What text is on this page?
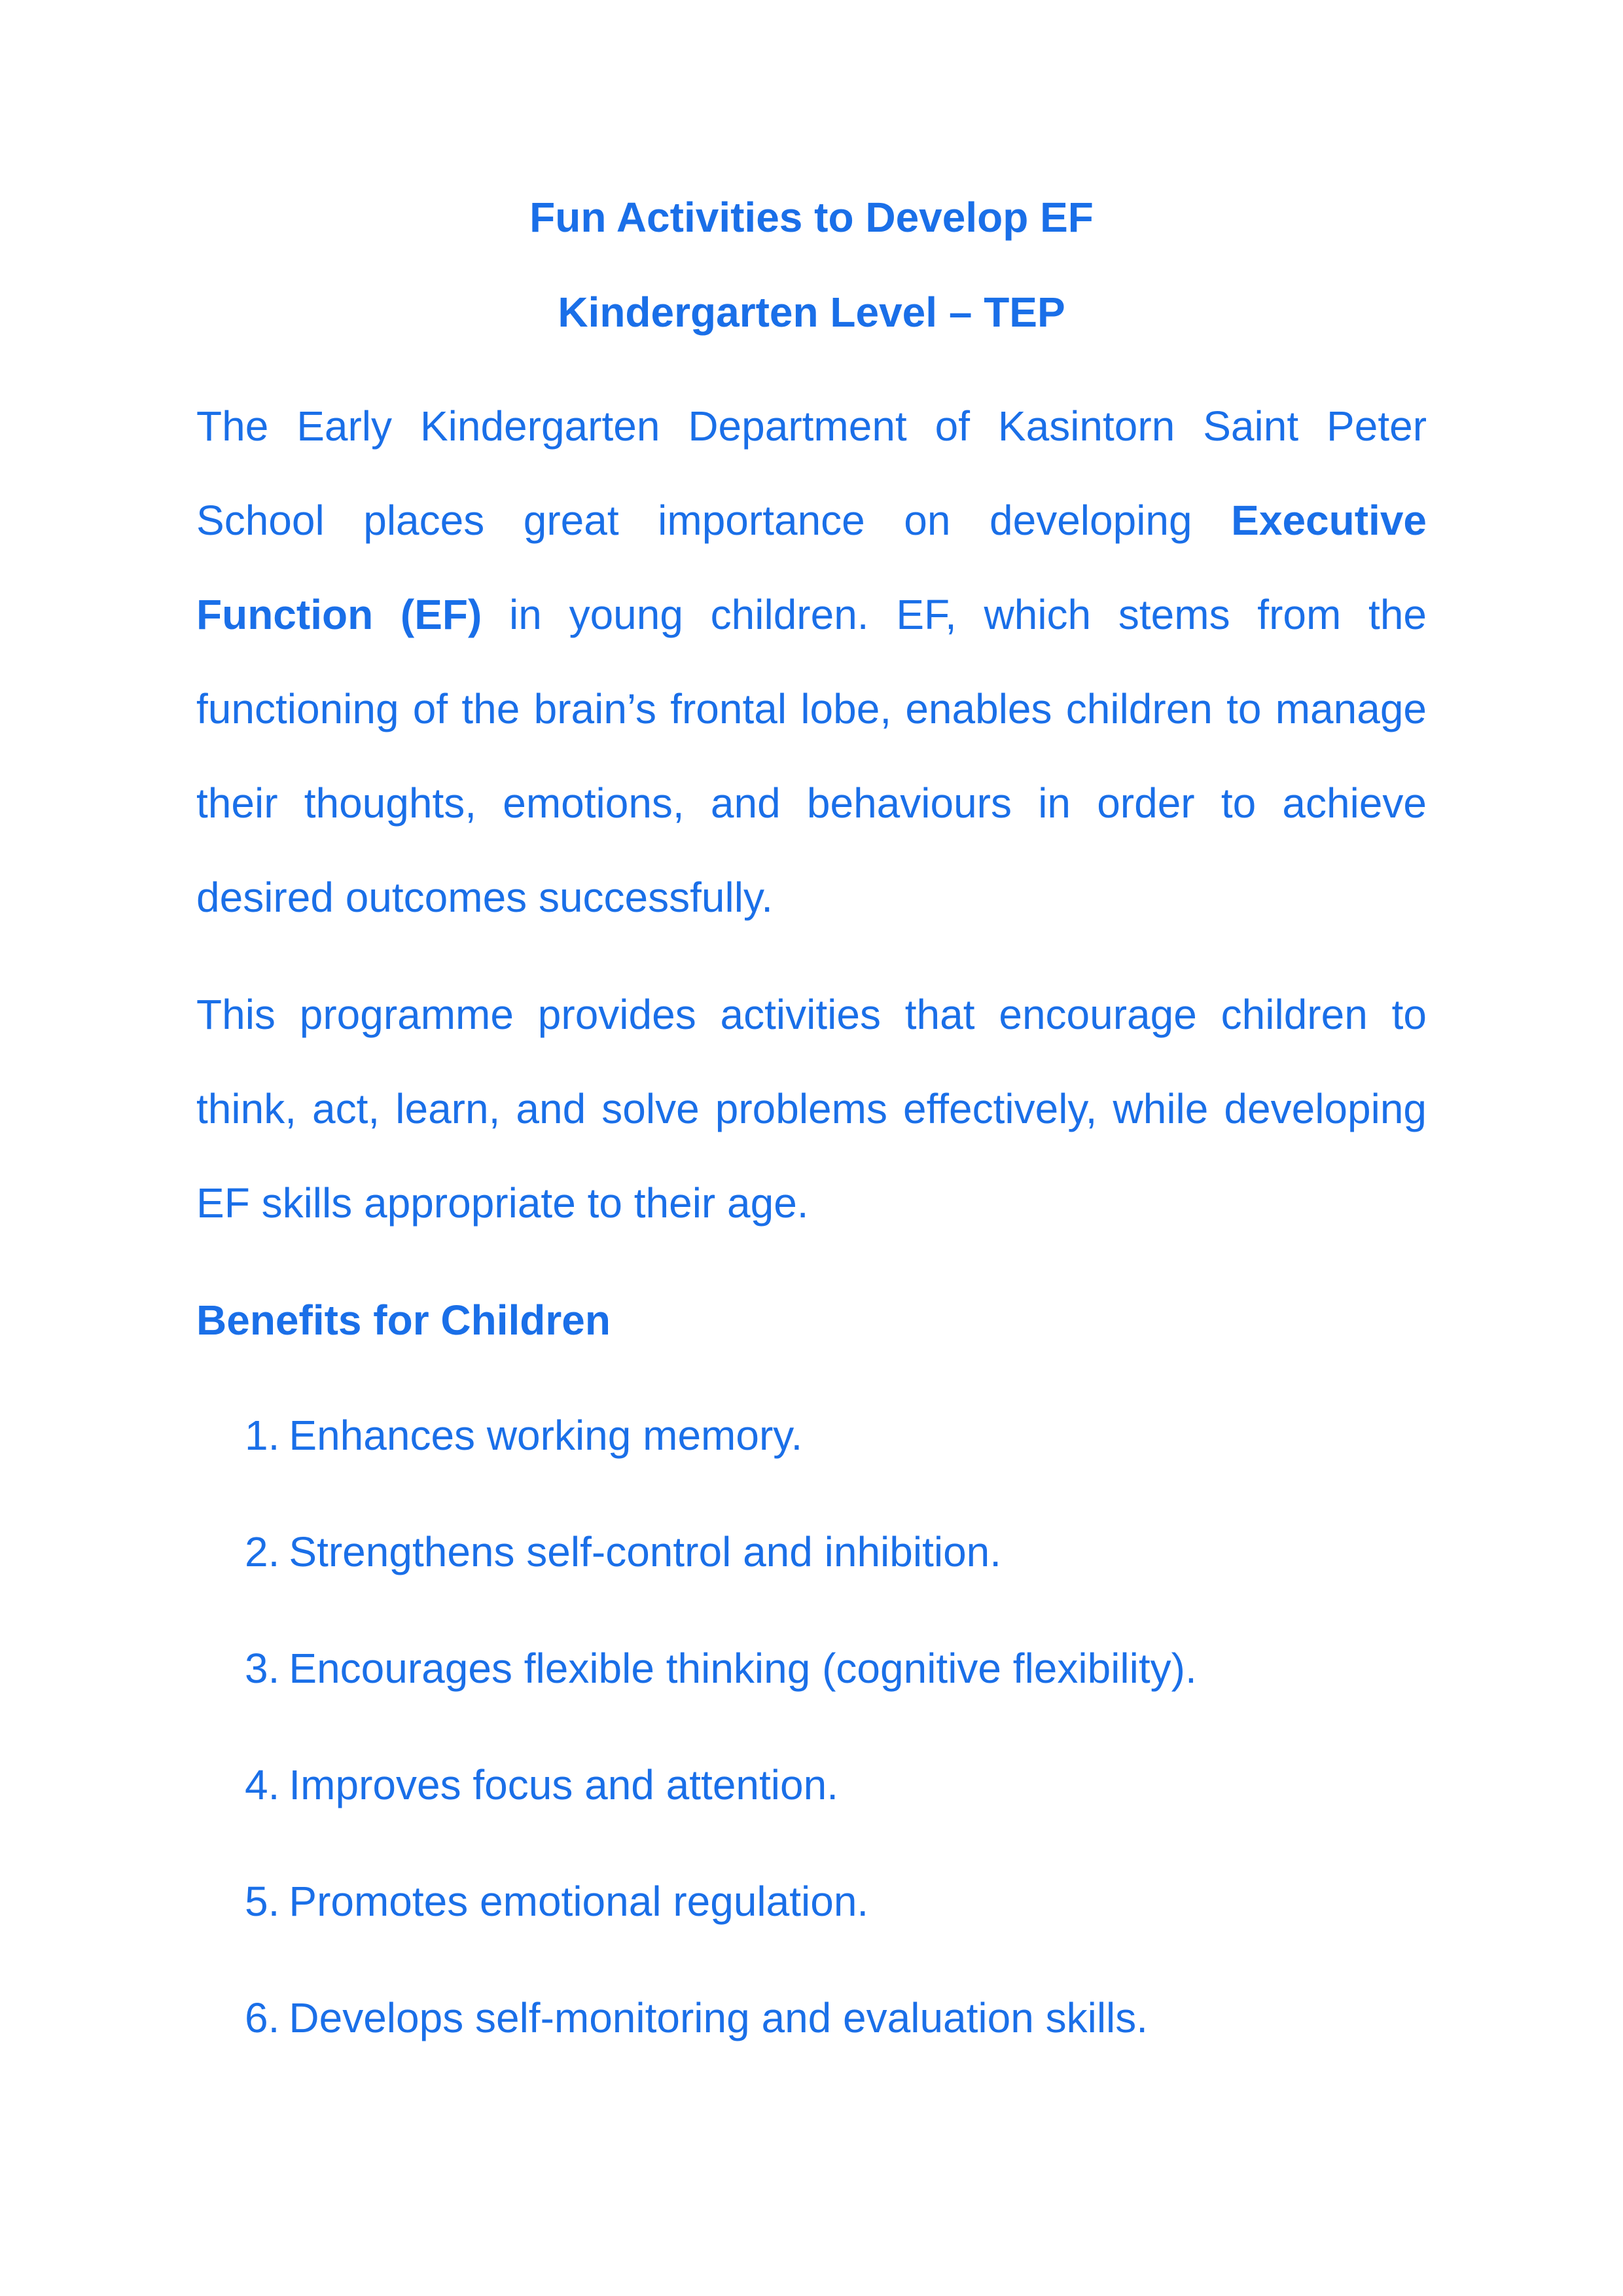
Fun Activities to Develop EF
Kindergarten Level – TEP

The Early Kindergarten Department of Kasintorn Saint Peter School places great importance on developing Executive Function (EF) in young children. EF, which stems from the functioning of the brain’s frontal lobe, enables children to manage their thoughts, emotions, and behaviours in order to achieve desired outcomes successfully.

This programme provides activities that encourage children to think, act, learn, and solve problems effectively, while developing EF skills appropriate to their age.

Benefits for Children
1. Enhances working memory.
2. Strengthens self-control and inhibition.
3. Encourages flexible thinking (cognitive flexibility).
4. Improves focus and attention.
5. Promotes emotional regulation.
6. Develops self-monitoring and evaluation skills.
